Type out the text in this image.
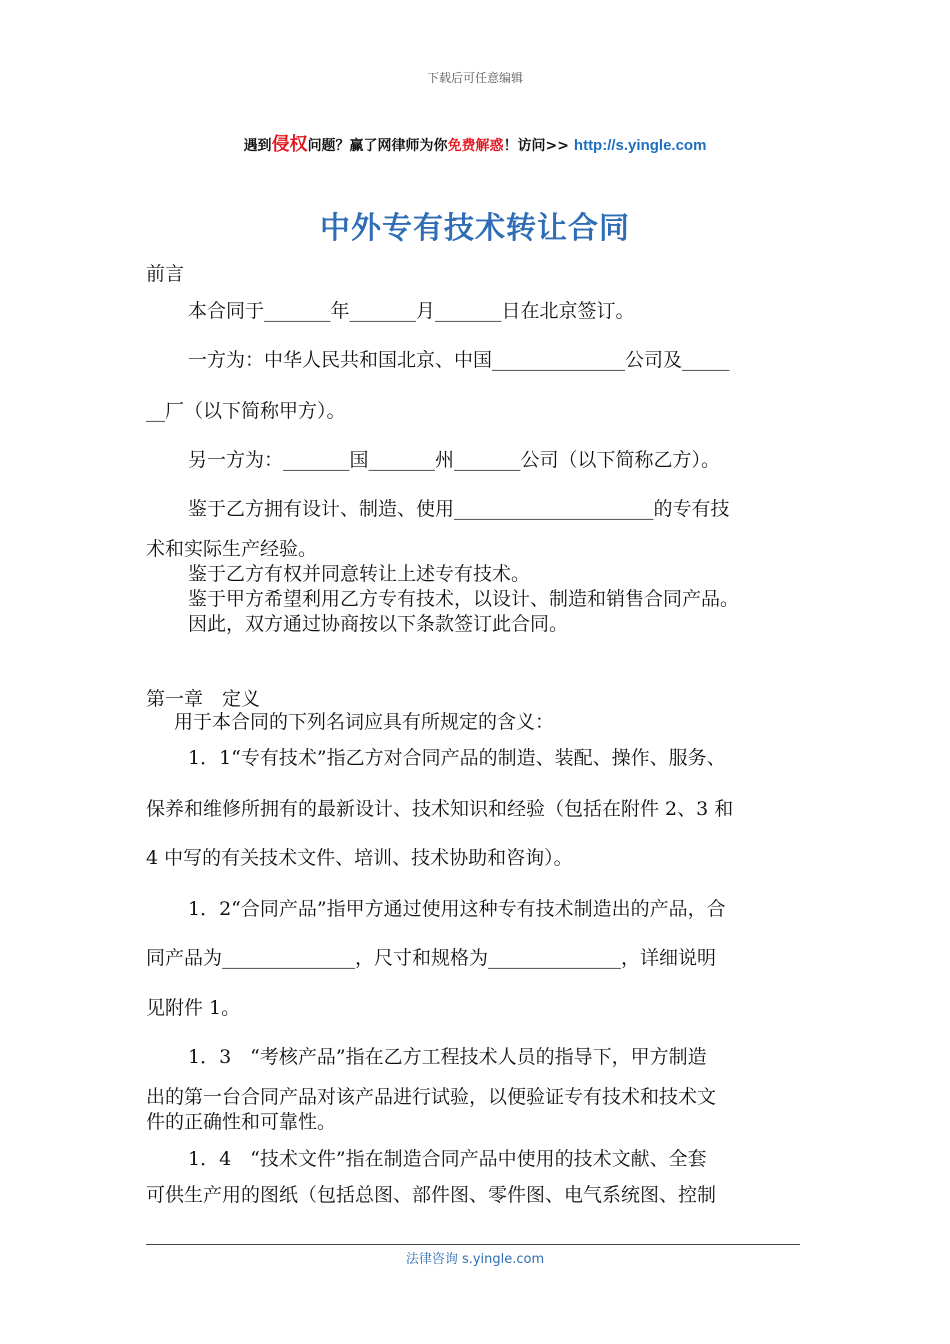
下载后可任意编辑
遇到侵权问题？赢了网律师为你免费解惑！访问>> http://s.yingle.com
中外专有技术转让合同
前言
本合同于_______年_______月_______日在北京签订。
一方为：中华人民共和国北京、中国______________公司及_____
__厂（以下简称甲方）。
另一方为：_______国_______州_______公司（以下简称乙方）。
鉴于乙方拥有设计、制造、使用_____________________的专有技
术和实际生产经验。
鉴于乙方有权并同意转让上述专有技术。
鉴于甲方希望利用乙方专有技术，以设计、制造和销售合同产品。
因此，双方通过协商按以下条款签订此合同。
第一章　定义
用于本合同的下列名词应具有所规定的含义：
1．1“专有技术”指乙方对合同产品的制造、装配、操作、服务、
保养和维修所拥有的最新设计、技术知识和经验（包括在附件 2、3 和
4 中写的有关技术文件、培训、技术协助和咨询）。
1．2“合同产品”指甲方通过使用这种专有技术制造出的产品，合
同产品为______________，尺寸和规格为______________，详细说明
见附件 1。
1．3　“考核产品”指在乙方工程技术人员的指导下，甲方制造
出的第一台合同产品对该产品进行试验，以便验证专有技术和技术文
件的正确性和可靠性。
1．4　“技术文件”指在制造合同产品中使用的技术文献、全套
可供生产用的图纸（包括总图、部件图、零件图、电气系统图、控制
法律咨询 s.yingle.com
